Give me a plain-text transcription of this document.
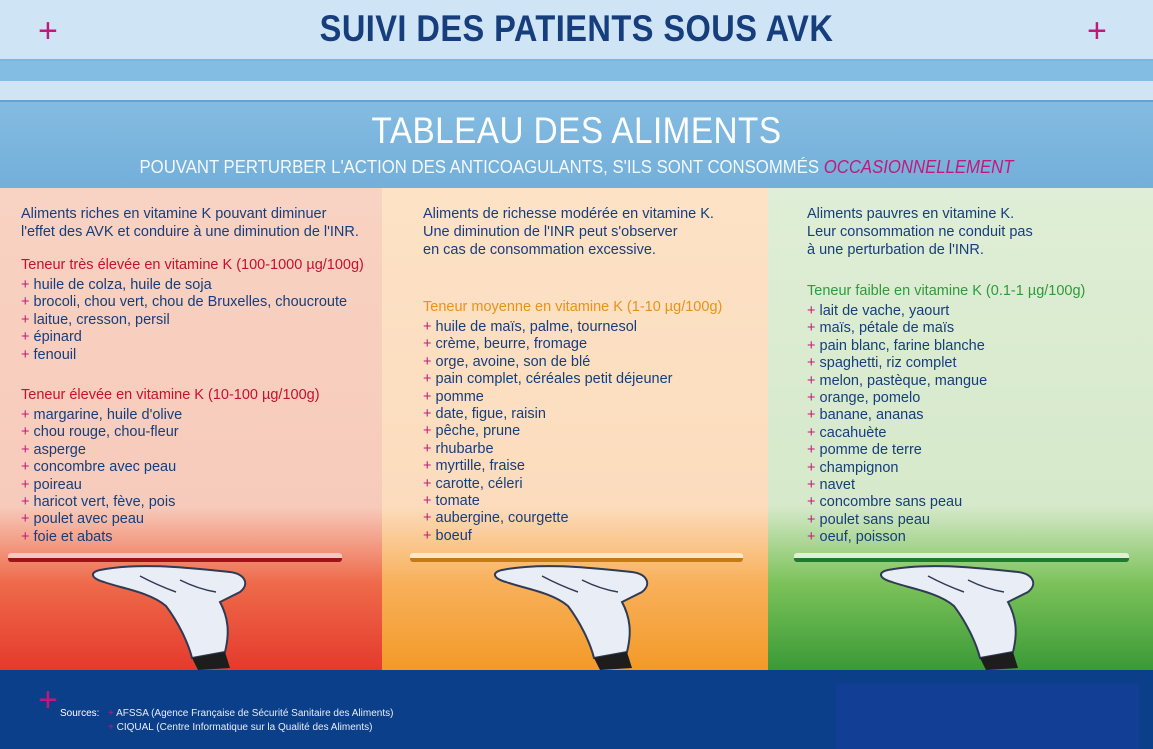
SUIVI DES PATIENTS SOUS AVK
+	+
TABLEAU DES ALIMENTS
POUVANT PERTURBER L'ACTION DES ANTICOAGULANTS, S'ILS SONT CONSOMMÉS OCCASIONNELLEMENT
Aliments riches en vitamine K pouvant diminuer
l'effet des AVK et conduire à une diminution de l'INR.
Teneur très élevée en vitamine K (100-1000 µg/100g)
+ huile de colza, huile de soja
+ brocoli, chou vert, chou de Bruxelles, choucroute
+ laitue, cresson, persil
+ épinard
+ fenouil
Teneur élevée en vitamine K (10-100 µg/100g)
+ margarine, huile d'olive
+ chou rouge, chou-fleur
+ asperge
+ concombre avec peau
+ poireau
+ haricot vert, fève, pois
+ poulet avec peau
+ foie et abats
Aliments de richesse modérée en vitamine K.
Une diminution de l'INR peut s'observer
en cas de consommation excessive.
Teneur moyenne en vitamine K (1-10 µg/100g)
+ huile de maïs, palme, tournesol
+ crème, beurre, fromage
+ orge, avoine, son de blé
+ pain complet, céréales petit déjeuner
+ pomme
+ date, figue, raisin
+ pêche, prune
+ rhubarbe
+ myrtille, fraise
+ carotte, céleri
+ tomate
+ aubergine, courgette
+ boeuf
Aliments pauvres en vitamine K.
Leur consommation ne conduit pas
à une perturbation de l'INR.
Teneur faible en vitamine K (0.1-1 µg/100g)
+ lait de vache, yaourt
+ maïs, pétale de maïs
+ pain blanc, farine blanche
+ spaghetti, riz complet
+ melon, pastèque, mangue
+ orange, pomelo
+ banane, ananas
+ cacahuète
+ pomme de terre
+ champignon
+ navet
+ concombre sans peau
+ poulet sans peau
+ oeuf, poisson
+ Sources: + AFSSA (Agence Française de Sécurité Sanitaire des Aliments)
+ CIQUAL (Centre Informatique sur la Qualité des Aliments)
